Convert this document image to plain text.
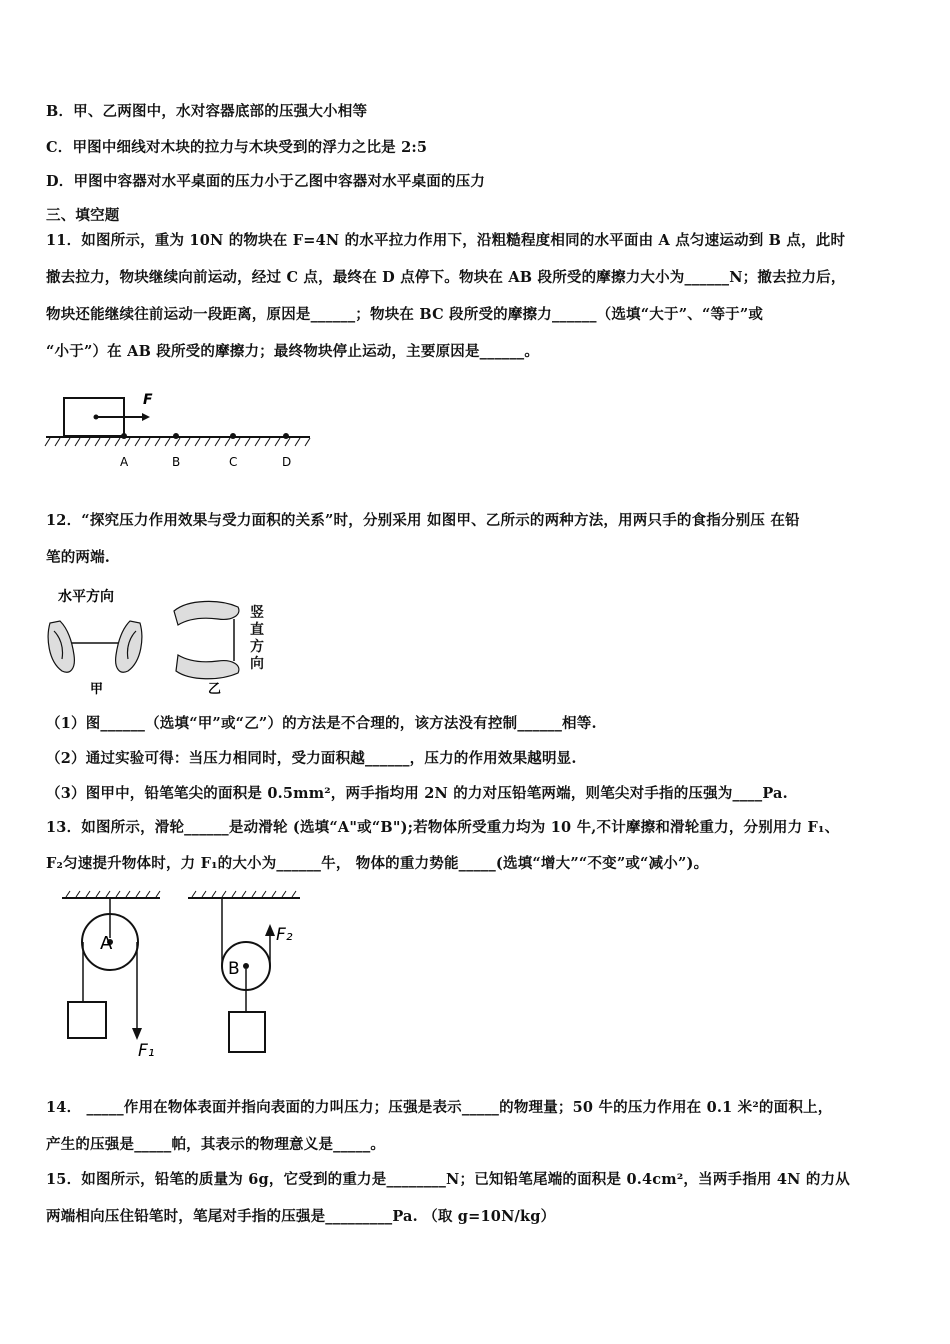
B．甲、乙两图中，水对容器底部的压强大小相等
C．甲图中细线对木块的拉力与木块受到的浮力之比是 2:5
D．甲图中容器对水平桌面的压力小于乙图中容器对水平桌面的压力
三、填空题
11．如图所示，重为 10N 的物块在 F=4N 的水平拉力作用下，沿粗糙程度相同的水平面由 A 点匀速运动到 B 点，此时
撤去拉力，物块继续向前运动，经过 C 点，最终在 D 点停下。物块在 AB 段所受的摩擦力大小为______N；撤去拉力后，
物块还能继续往前运动一段距离，原因是______；物块在 BC 段所受的摩擦力______（选填“大于”、“等于”或
“小于”）在 AB 段所受的摩擦力；最终物块停止运动，主要原因是______。
F
A	B	C	D
12．“探究压力作用效果与受力面积的关系”时，分别采用 如图甲、乙所示的两种方法，用两只手的食指分别压 在铅
笔的两端.
水平方向
甲	乙
竖直方向
（1）图______（选填“甲”或“乙”）的方法是不合理的，该方法没有控制______相等.
（2）通过实验可得：当压力相同时，受力面积越______，压力的作用效果越明显.
（3）图甲中，铅笔笔尖的面积是 0.5mm²，两手指均用 2N 的力对压铅笔两端，则笔尖对手指的压强为____Pa.
13．如图所示，滑轮______是动滑轮 (选填“A"或“B");若物体所受重力均为 10 牛,不计摩擦和滑轮重力，分别用力 F₁、
F₂匀速提升物体时，力 F₁的大小为______牛， 物体的重力势能_____(选填“增大”“不变”或“减小”)。
A
F₁
B
F₂
14． _____作用在物体表面并指向表面的力叫压力；压强是表示_____的物理量；50 牛的压力作用在 0.1 米²的面积上，
产生的压强是_____帕，其表示的物理意义是_____。
15．如图所示，铅笔的质量为 6g，它受到的重力是________N；已知铅笔尾端的面积是 0.4cm²，当两手指用 4N 的力从
两端相向压住铅笔时，笔尾对手指的压强是_________Pa. （取 g=10N/kg）
